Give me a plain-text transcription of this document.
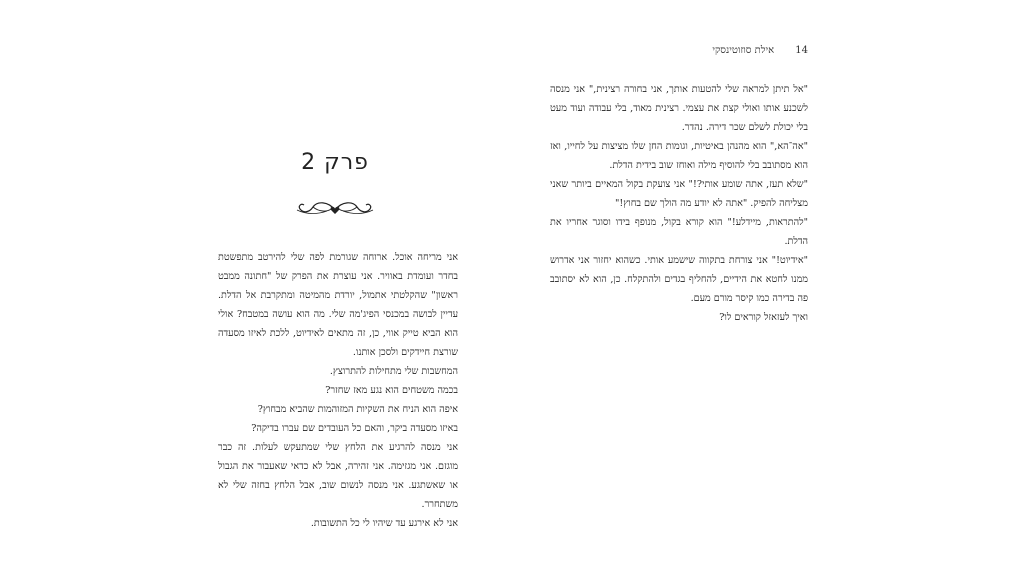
פרק 2

אני מריחה אוכל. ארוחה שגורמת לפה שלי להירטב מתפשטת בחדר ועומדת באוויר. אני עוצרת את הפרק של "חתונה ממבט ראשון" שהקלטתי אתמול, יורדת מהמיטה ומתקרבת אל הדלת. עדיין לבושה במכנסי הפיג'מה שלי. מה הוא עושה במטבח? אולי הוא הביא טייק אווי, כן, זה מתאים לאידיוט, ללכת לאיזו מסעדה שורצת חיידקים ולסכן אותנו.

המחשבות שלי מתחילות להתרוצץ.

בכמה משטחים הוא נגע מאז שחזר?

איפה הוא הניח את השקיות המזוהמות שהביא מבחוץ?

באיזו מסעדה ביקר, והאם כל העובדים שם עברו בדיקה?

אני מנסה להרגיע את הלחץ שלי שמתעקש לעלות. זה כבר מוגזם. אני מגזימה. אני זהירה, אבל לא כדאי שאעבור את הגבול או שאשתגע. אני מנסה לנשום שוב, אבל הלחץ בחזה שלי לא משתחרר.

אני לא אירגע עד שיהיו לי כל התשובות.

14 אילת סוזוטינסקי

"אל תיתן למראה שלי להטעות אותך, אני בחורה רצינית," אני מנסה לשכנע אותו ואולי קצת את עצמי. רצינית מאוד, בלי עבודה ועוד מעט בלי יכולת לשלם שכר דירה. נהדר.

"אה־הא," הוא מהנהן באיטיות, וגומות החן שלו מציצות על לחייו, ואז הוא מסתובב בלי להוסיף מילה ואוחז שוב בידית הדלת.

"שלא תעז, אתה שומע אותי?!" אני צועקת בקול המאיים ביותר שאני מצליחה להפיק. "אתה לא יודע מה הולך שם בחוץ!"

"להתראות, מיידלע!" הוא קורא בקול, מנופף בידו וסוגר אחריו את הדלת.

"אידיוט!" אני צורחת בתקווה שישמע אותי. כשהוא יחזור אני אדרוש ממנו לחטא את הידיים, להחליף בגדים ולהתקלח. כן, הוא לא יסתובב פה בדירה כמו קיסר מורם מעם.

ואיך לעזאזל קוראים לו?
